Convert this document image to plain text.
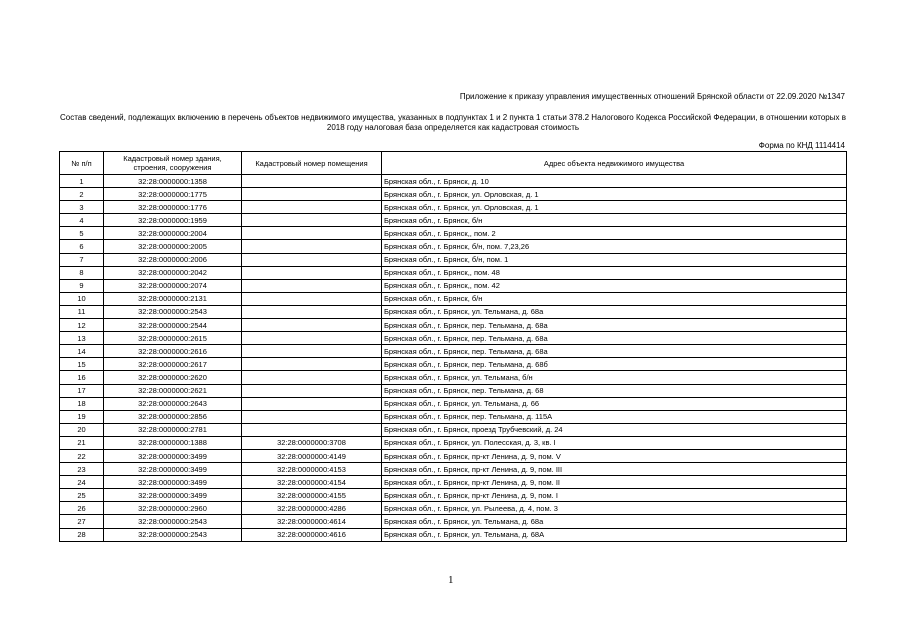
Приложение к приказу управления имущественных отношений Брянской области от 22.09.2020 №1347
Состав сведений, подлежащих включению в перечень объектов недвижимого имущества, указанных в подпунктах 1 и 2 пункта 1 статьи 378.2 Налогового Кодекса Российской Федерации, в отношении которых в 2018 году налоговая база определяется как кадастровая стоимость
Форма по КНД 1114414
№ п/п	Кадастровый номер здания, строения, сооружения	Кадастровый номер помещения	Адрес объекта недвижимого имущества
1	32:28:0000000:1358		Брянская обл., г. Брянск, д. 10
2	32:28:0000000:1775		Брянская обл., г. Брянск, ул. Орловская, д. 1
3	32:28:0000000:1776		Брянская обл., г. Брянск, ул. Орловская, д. 1
4	32:28:0000000:1959		Брянская обл., г. Брянск, б/н
5	32:28:0000000:2004		Брянская обл., г. Брянск,, пом. 2
6	32:28:0000000:2005		Брянская обл., г. Брянск, б/н, пом. 7,23,26
7	32:28:0000000:2006		Брянская обл., г. Брянск, б/н, пом. 1
8	32:28:0000000:2042		Брянская обл., г. Брянск,, пом. 48
9	32:28:0000000:2074		Брянская обл., г. Брянск,, пом. 42
10	32:28:0000000:2131		Брянская обл., г. Брянск, б/н
11	32:28:0000000:2543		Брянская обл., г. Брянск, ул. Тельмана, д. 68а
12	32:28:0000000:2544		Брянская обл., г. Брянск, пер. Тельмана, д. 68а
13	32:28:0000000:2615		Брянская обл., г. Брянск, пер. Тельмана, д. 68а
14	32:28:0000000:2616		Брянская обл., г. Брянск, пер. Тельмана, д. 68а
15	32:28:0000000:2617		Брянская обл., г. Брянск, пер. Тельмана, д. 68б
16	32:28:0000000:2620		Брянская обл., г. Брянск, ул. Тельмана, б/н
17	32:28:0000000:2621		Брянская обл., г. Брянск, пер. Тельмана, д. 68
18	32:28:0000000:2643		Брянская обл., г. Брянск, ул. Тельмана, д. 66
19	32:28:0000000:2856		Брянская обл., г. Брянск, пер. Тельмана, д. 115А
20	32:28:0000000:2781		Брянская обл., г. Брянск, проезд Трубчевский, д. 24
21	32:28:0000000:1388	32:28:0000000:3708	Брянская обл., г. Брянск, ул. Полесская, д. 3, кв. I
22	32:28:0000000:3499	32:28:0000000:4149	Брянская обл., г. Брянск, пр-кт Ленина, д. 9, пом. V
23	32:28:0000000:3499	32:28:0000000:4153	Брянская обл., г. Брянск, пр-кт Ленина, д. 9, пом. III
24	32:28:0000000:3499	32:28:0000000:4154	Брянская обл., г. Брянск, пр-кт Ленина, д. 9, пом. II
25	32:28:0000000:3499	32:28:0000000:4155	Брянская обл., г. Брянск, пр-кт Ленина, д. 9, пом. I
26	32:28:0000000:2960	32:28:0000000:4286	Брянская обл., г. Брянск, ул. Рылеева, д. 4, пом. 3
27	32:28:0000000:2543	32:28:0000000:4614	Брянская обл., г. Брянск, ул. Тельмана, д. 68а
28	32:28:0000000:2543	32:28:0000000:4616	Брянская обл., г. Брянск, ул. Тельмана, д. 68А
1
